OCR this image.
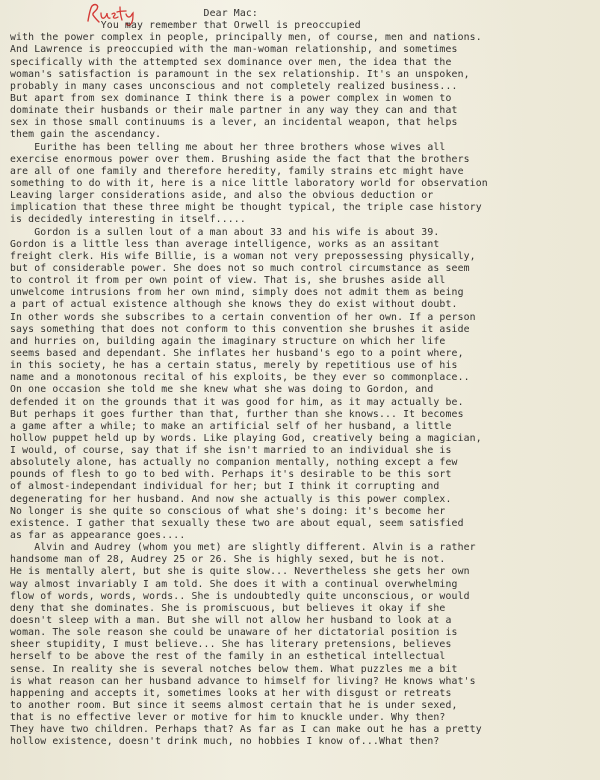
Dear Mac:
You may remember that Orwell is preoccupied
with the power complex in people, principally men, of course, men and nations.
And Lawrence is preoccupied with the man-woman relationship, and sometimes
specifically with the attempted sex dominance over men, the idea that the
woman's satisfaction is paramount in the sex relationship. It's an unspoken,
probably in many cases unconscious and not completely realized business...
But apart from sex dominance I think there is a power complex in women to
dominate their husbands or their male partner in any way they can and that
sex in those small continuums is a lever, an incidental weapon, that helps
them gain the ascendancy.
Eurithe has been telling me about her three brothers whose wives all
exercise enormous power over them. Brushing aside the fact that the brothers
are all of one family and therefore heredity, family strains etc might have
something to do with it, here is a nice little laboratory world for observation
Leaving larger considerations aside, and also the obvious deduction or
implication that these three might be thought typical, the triple case history
is decidedly interesting in itself.....
Gordon is a sullen lout of a man about 33 and his wife is about 39.
Gordon is a little less than average intelligence, works as an assitant
freight clerk. His wife Billie, is a woman not very prepossessing physically,
but of considerable power. She does not so much control circumstance as seem
to control it from per own point of view. That is, she brushes aside all
unwelcome intrusions from her own mind, simply does not admit them as being
a part of actual existence although she knows they do exist without doubt.
In other words she subscribes to a certain convention of her own. If a person
says something that does not conform to this convention she brushes it aside
and hurries on, building again the imaginary structure on which her life
seems based and dependant. She inflates her husband's ego to a point where,
in this society, he has a certain status, merely by repetitious use of his
name and a monotonous recital of his exploits, be they ever so commonplace..
On one occasion she told me she knew what she was doing to Gordon, and
defended it on the grounds that it was good for him, as it may actually be.
But perhaps it goes further than that, further than she knows... It becomes
a game after a while; to make an artificial self of her husband, a little
hollow puppet held up by words. Like playing God, creatively being a magician,
I would, of course, say that if she isn't married to an individual she is
absolutely alone, has actually no companion mentally, nothing except a few
pounds of flesh to go to bed with. Perhaps it's desirable to be this sort
of almost-independant individual for her; but I think it corrupting and
degenerating for her husband. And now she actually is this power complex.
No longer is she quite so conscious of what she's doing: it's become her
existence. I gather that sexually these two are about equal, seem satisfied
as far as appearance goes....
Alvin and Audrey (whom you met) are slightly different. Alvin is a rather
handsome man of 28, Audrey 25 or 26. She is highly sexed, but he is not.
He is mentally alert, but she is quite slow... Nevertheless she gets her own
way almost invariably I am told. She does it with a continual overwhelming
flow of words, words, words.. She is undoubtedly quite unconscious, or would
deny that she dominates. She is promiscuous, but believes it okay if she
doesn't sleep with a man. But she will not allow her husband to look at a
woman. The sole reason she could be unaware of her dictatorial position is
sheer stupidity, I must believe... She has literary pretensions, believes
herself to be above the rest of the family in an esthetical intellectual
sense. In reality she is several notches below them. What puzzles me a bit
is what reason can her husband advance to himself for living? He knows what's
happening and accepts it, sometimes looks at her with disgust or retreats
to another room. But since it seems almost certain that he is under sexed,
that is no effective lever or motive for him to knuckle under. Why then?
They have two children. Perhaps that? As far as I can make out he has a pretty
hollow existence, doesn't drink much, no hobbies I know of...What then?
